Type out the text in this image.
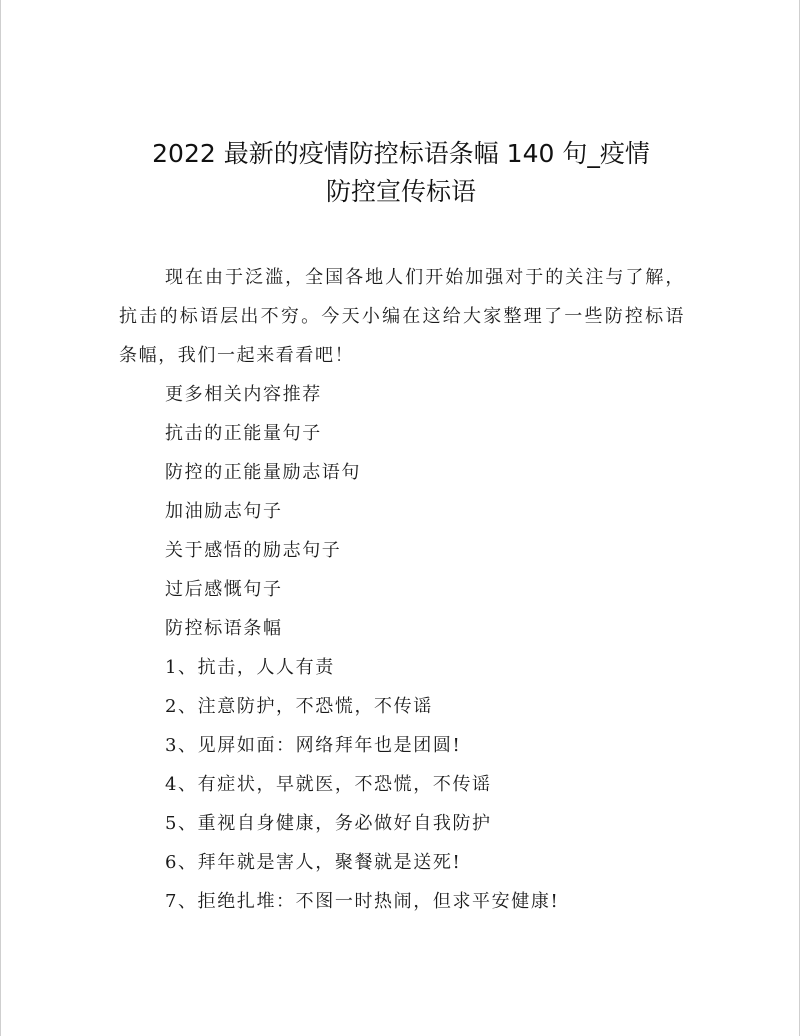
2022 最新的疫情防控标语条幅 140 句_疫情
防控宣传标语

现在由于泛滥，全国各地人们开始加强对于的关注与了解，抗击的标语层出不穷。今天小编在这给大家整理了一些防控标语条幅，我们一起来看看吧！

更多相关内容推荐
抗击的正能量句子
防控的正能量励志语句
加油励志句子
关于感悟的励志句子
过后感慨句子
防控标语条幅
1、抗击，人人有责
2、注意防护，不恐慌，不传谣
3、见屏如面：网络拜年也是团圆!
4、有症状，早就医，不恐慌，不传谣
5、重视自身健康，务必做好自我防护
6、拜年就是害人，聚餐就是送死!
7、拒绝扎堆：不图一时热闹，但求平安健康!
